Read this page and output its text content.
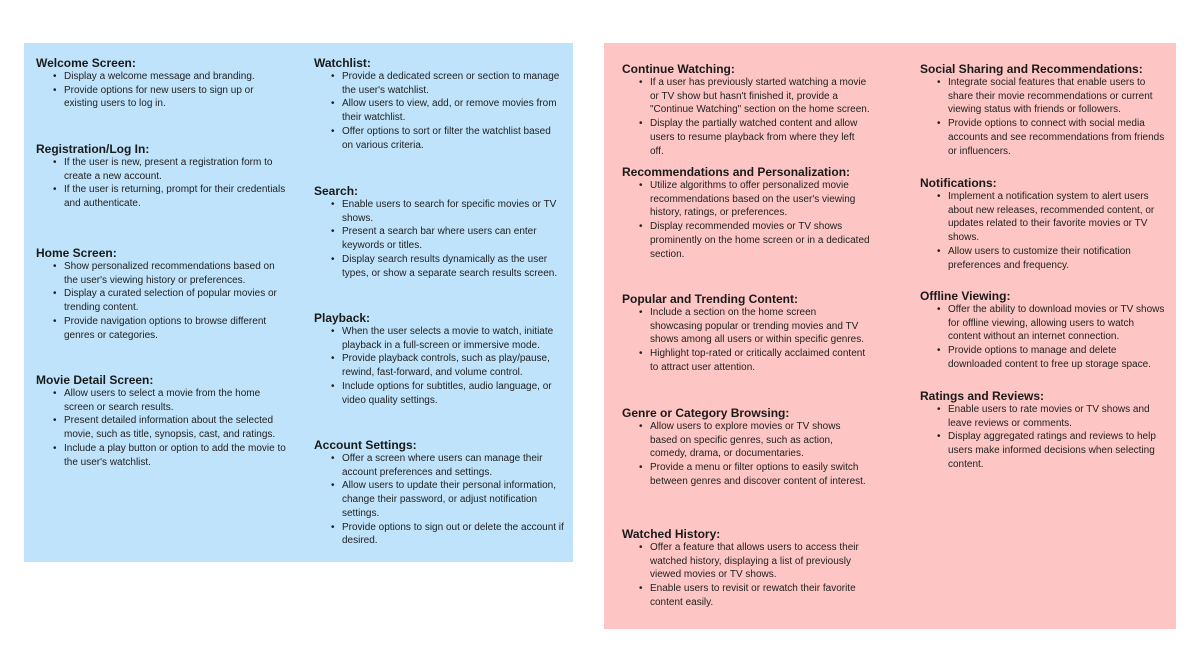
Welcome Screen:
• Display a welcome message and branding.
• Provide options for new users to sign up or existing users to log in.
Registration/Log In:
• If the user is new, present a registration form to create a new account.
• If the user is returning, prompt for their credentials and authenticate.
Home Screen:
• Show personalized recommendations based on the user's viewing history or preferences.
• Display a curated selection of popular movies or trending content.
• Provide navigation options to browse different genres or categories.
Movie Detail Screen:
• Allow users to select a movie from the home screen or search results.
• Present detailed information about the selected movie, such as title, synopsis, cast, and ratings.
• Include a play button or option to add the movie to the user's watchlist.
Watchlist:
• Provide a dedicated screen or section to manage the user's watchlist.
• Allow users to view, add, or remove movies from their watchlist.
• Offer options to sort or filter the watchlist based on various criteria.
Search:
• Enable users to search for specific movies or TV shows.
• Present a search bar where users can enter keywords or titles.
• Display search results dynamically as the user types, or show a separate search results screen.
Playback:
• When the user selects a movie to watch, initiate playback in a full-screen or immersive mode.
• Provide playback controls, such as play/pause, rewind, fast-forward, and volume control.
• Include options for subtitles, audio language, or video quality settings.
Account Settings:
• Offer a screen where users can manage their account preferences and settings.
• Allow users to update their personal information, change their password, or adjust notification settings.
• Provide options to sign out or delete the account if desired.
Continue Watching:
• If a user has previously started watching a movie or TV show but hasn't finished it, provide a "Continue Watching" section on the home screen.
• Display the partially watched content and allow users to resume playback from where they left off.
Recommendations and Personalization:
• Utilize algorithms to offer personalized movie recommendations based on the user's viewing history, ratings, or preferences.
• Display recommended movies or TV shows prominently on the home screen or in a dedicated section.
Popular and Trending Content:
• Include a section on the home screen showcasing popular or trending movies and TV shows among all users or within specific genres.
• Highlight top-rated or critically acclaimed content to attract user attention.
Genre or Category Browsing:
• Allow users to explore movies or TV shows based on specific genres, such as action, comedy, drama, or documentaries.
• Provide a menu or filter options to easily switch between genres and discover content of interest.
Watched History:
• Offer a feature that allows users to access their watched history, displaying a list of previously viewed movies or TV shows.
• Enable users to revisit or rewatch their favorite content easily.
Social Sharing and Recommendations:
• Integrate social features that enable users to share their movie recommendations or current viewing status with friends or followers.
• Provide options to connect with social media accounts and see recommendations from friends or influencers.
Notifications:
• Implement a notification system to alert users about new releases, recommended content, or updates related to their favorite movies or TV shows.
• Allow users to customize their notification preferences and frequency.
Offline Viewing:
• Offer the ability to download movies or TV shows for offline viewing, allowing users to watch content without an internet connection.
• Provide options to manage and delete downloaded content to free up storage space.
Ratings and Reviews:
• Enable users to rate movies or TV shows and leave reviews or comments.
• Display aggregated ratings and reviews to help users make informed decisions when selecting content.
